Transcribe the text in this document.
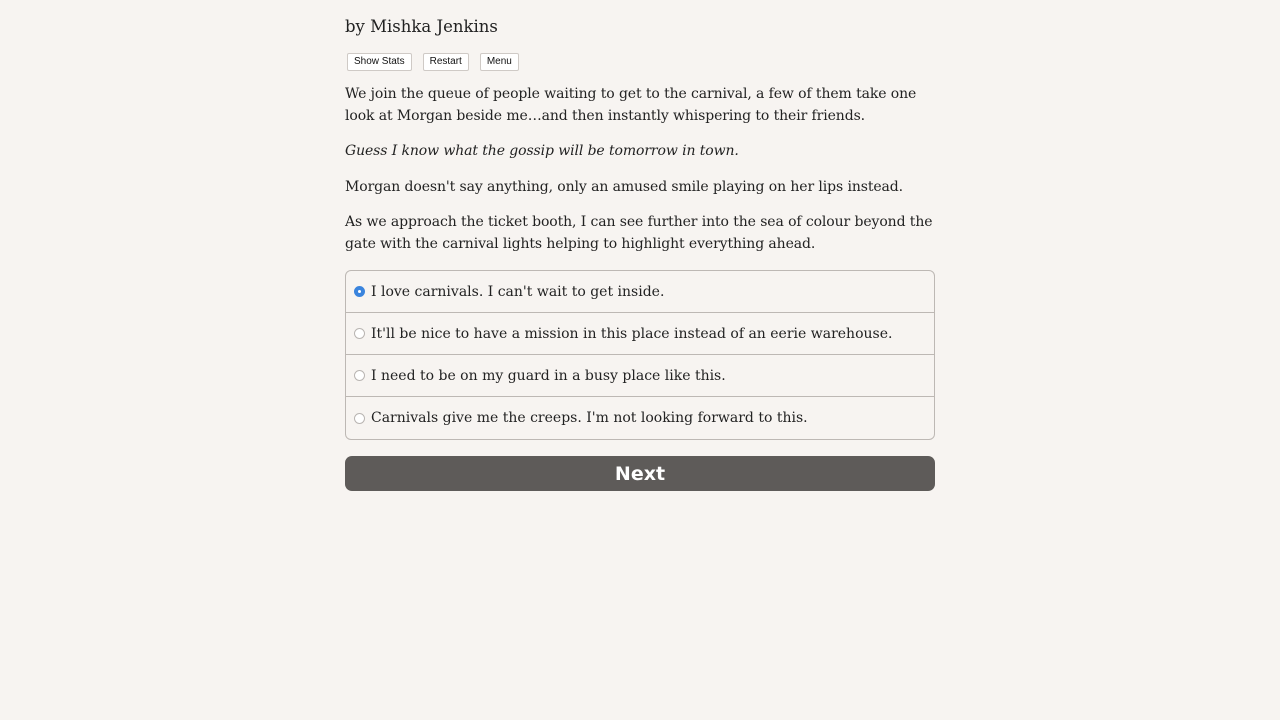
by Mishka Jenkins
Show Stats	Restart	Menu

We join the queue of people waiting to get to the carnival, a few of them take one look at Morgan beside me…and then instantly whispering to their friends.

Guess I know what the gossip will be tomorrow in town.

Morgan doesn't say anything, only an amused smile playing on her lips instead.

As we approach the ticket booth, I can see further into the sea of colour beyond the gate with the carnival lights helping to highlight everything ahead.

I love carnivals. I can't wait to get inside.
It'll be nice to have a mission in this place instead of an eerie warehouse.
I need to be on my guard in a busy place like this.
Carnivals give me the creeps. I'm not looking forward to this.
Next
